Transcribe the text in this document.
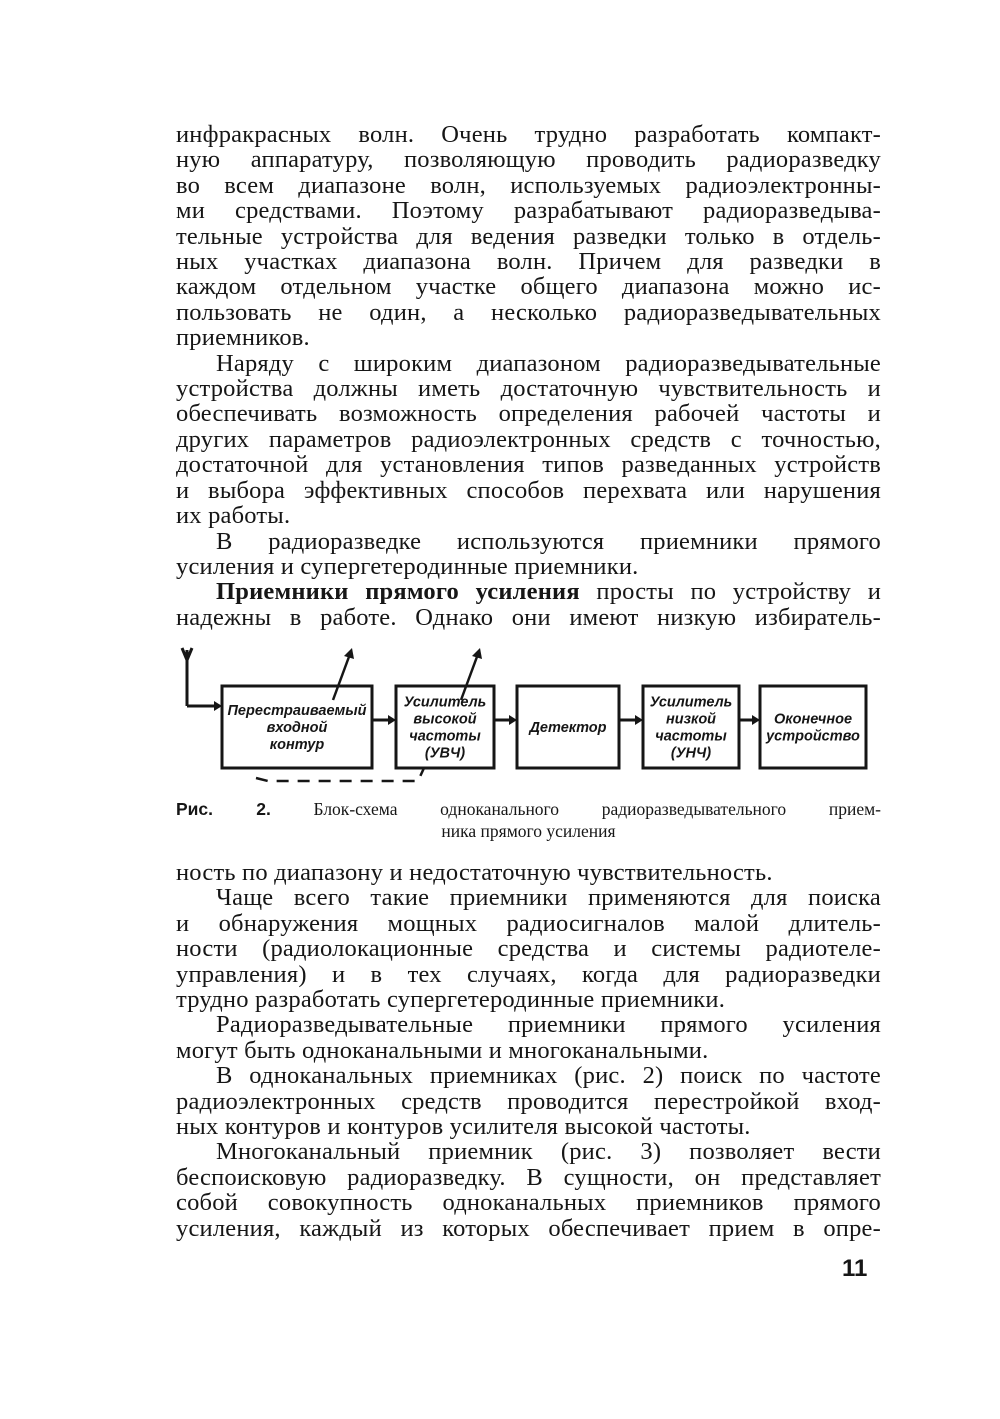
инфракрасных волн. Очень трудно разработать компакт-
ную аппаратуру, позволяющую проводить радиоразведку
во всем диапазоне волн, используемых радиоэлектронны-
ми средствами. Поэтому разрабатывают радиоразведыва-
тельные устройства для ведения разведки только в отдель-
ных участках диапазона волн. Причем для разведки в
каждом отдельном участке общего диапазона можно ис-
пользовать не один, а несколько радиоразведывательных
приемников.
Наряду с широким диапазоном радиоразведывательные
устройства должны иметь достаточную чувствительность и
обеспечивать возможность определения рабочей частоты и
других параметров радиоэлектронных средств с точностью,
достаточной для установления типов разведанных устройств
и выбора эффективных способов перехвата или нарушения
их работы.
В радиоразведке используются приемники прямого
усиления и супергетеродинные приемники.
Приемники прямого усиления просты по устройству и
надежны в работе. Однако они имеют низкую избиратель-
Перестраиваемый
входной
контур
Усилитель
высокой
частоты
(УВЧ)
Детектор
Усилитель
низкой
частоты
(УНЧ)
Оконечное
устройство
Рис. 2. Блок-схема одноканального радиоразведывательного прием-
ника прямого усиления
ность по диапазону и недостаточную чувствительность.
Чаще всего такие приемники применяются для поиска
и обнаружения мощных радиосигналов малой длитель-
ности (радиолокационные средства и системы радиотеле-
управления) и в тех случаях, когда для радиоразведки
трудно разработать супергетеродинные приемники.
Радиоразведывательные приемники прямого усиления
могут быть одноканальными и многоканальными.
В одноканальных приемниках (рис. 2) поиск по частоте
радиоэлектронных средств проводится перестройкой вход-
ных контуров и контуров усилителя высокой частоты.
Многоканальный приемник (рис. 3) позволяет вести
беспоисковую радиоразведку. В сущности, он представляет
собой совокупность одноканальных приемников прямого
усиления, каждый из которых обеспечивает прием в опре-
11
